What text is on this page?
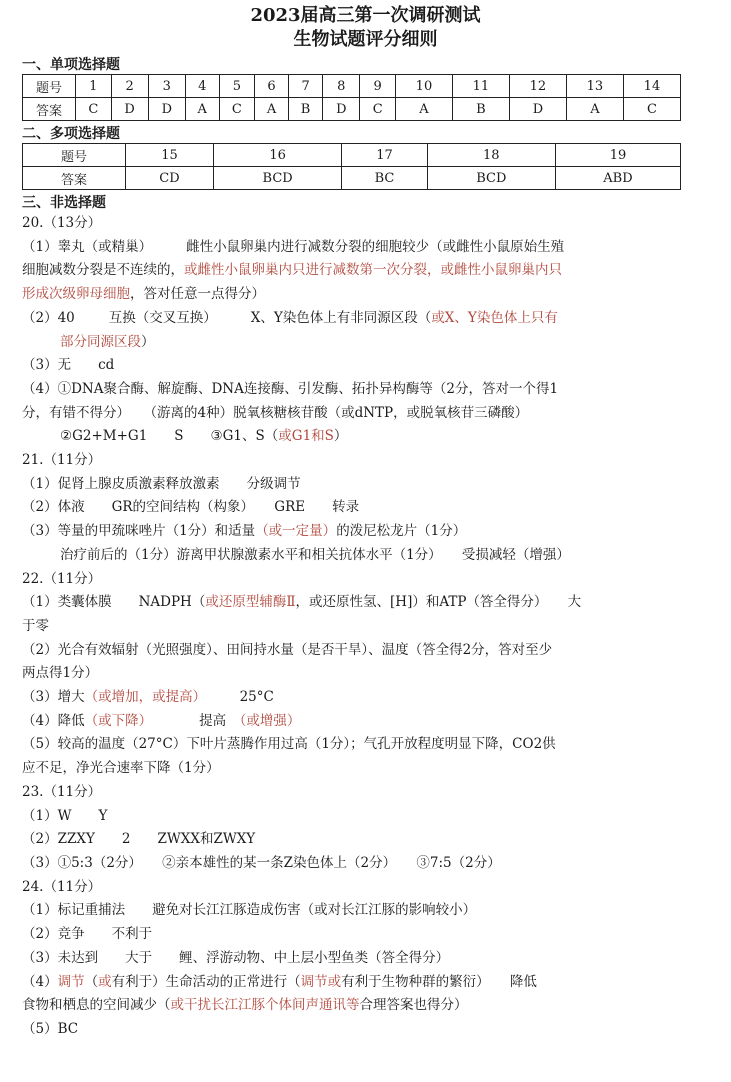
2023届高三第一次调研测试
生物试题评分细则
一、单项选择题
题号	1	2	3	4	5	6	7	8	9	10	11	12	13	14
答案	C	D	D	A	C	A	B	D	C	A	B	D	A	C
二、多项选择题
题号	15	16	17	18	19
答案	CD	BCD	BC	BCD	ABD
三、非选择题

20.（13分）

（1）睾丸（或精巢）	雌性小鼠卵巢内进行减数分裂的细胞较少（或雌性小鼠原始生殖

细胞减数分裂是不连续的，或雌性小鼠卵巢内只进行减数第一次分裂，或雌性小鼠卵巢内只

形成次级卵母细胞，答对任意一点得分）

（2）40	互换（交叉互换）	X、Y染色体上有非同源区段（或X、Y染色体上只有

部分同源区段）

（3）无　　cd

（4）①DNA聚合酶、解旋酶、DNA连接酶、引发酶、拓扑异构酶等（2分，答对一个得1

分，有错不得分）　　（游离的4种）脱氧核糖核苷酸（或dNTP，或脱氧核苷三磷酸）

②G2+M+G1　　S　　③G1、S（或G1和S）

21.（11分）

（1）促肾上腺皮质激素释放激素　　分级调节

（2）体液　　GR的空间结构（构象）　　GRE　　转录

（3）等量的甲巯咪唑片（1分）和适量（或一定量）的泼尼松龙片（1分）

治疗前后的（1分）游离甲状腺激素水平和相关抗体水平（1分）　　受损减轻（增强）

22.（11分）

（1）类囊体膜　　NADPH（或还原型辅酶Ⅱ，或还原性氢、[H]）和ATP（答全得分）　　大

于零

（2）光合有效辐射（光照强度）、田间持水量（是否干旱）、温度（答全得2分，答对至少

两点得1分）

（3）增大（或增加，或提高）　25°C

（4）降低（或下降）　　提高　（或增强）

（5）较高的温度（27°C）下叶片蒸腾作用过高（1分）；气孔开放程度明显下降，CO2供

应不足，净光合速率下降（1分）

23.（11分）

（1）W　　Y

（2）ZZXY　　2　　ZWXX和ZWXY

（3）①5:3（2分）　　②亲本雄性的某一条Z染色体上（2分）　　③7:5（2分）

24.（11分）

（1）标记重捕法　　避免对长江江豚造成伤害（或对长江江豚的影响较小）

（2）竞争　　不利于

（3）未达到　　大于　　鲤、浮游动物、中上层小型鱼类（答全得分）

（4）调节（或有利于）生命活动的正常进行（调节或有利于生物种群的繁衍）　　降低

食物和栖息的空间减少（或干扰长江江豚个体间声通讯等合理答案也得分）

（5）BC
